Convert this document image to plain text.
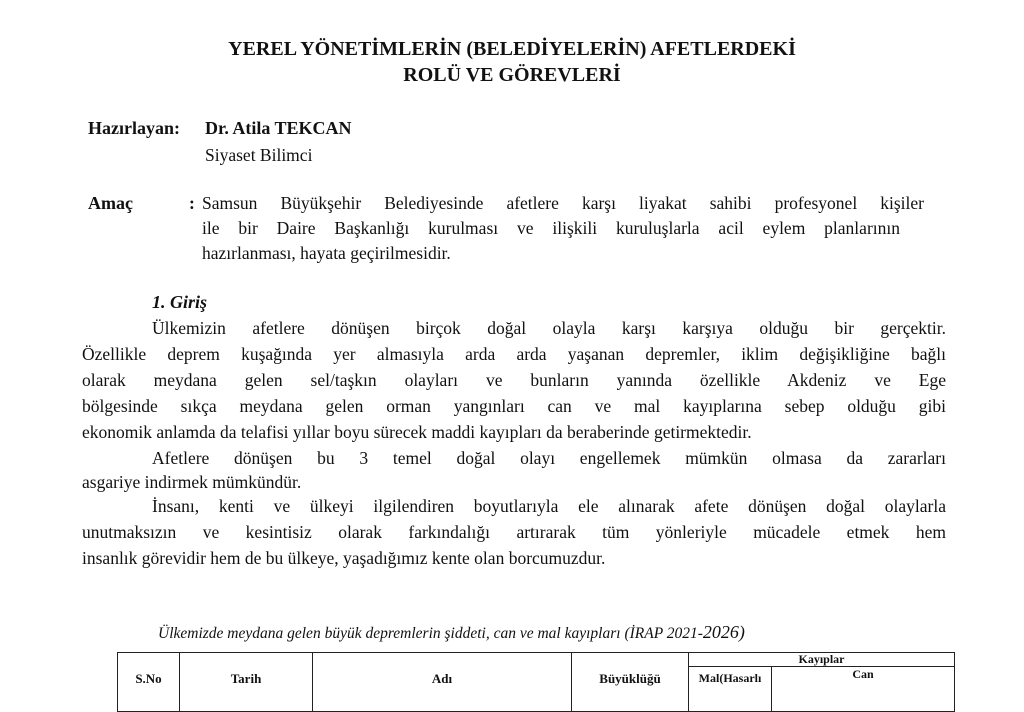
YEREL YÖNETİMLERİN (BELEDİYELERİN) AFETLERDEKİ
ROLÜ VE GÖREVLERİ
Hazırlayan: Dr. Atila TEKCAN
Siyaset Bilimci
Amaç	: Samsun Büyükşehir Belediyesinde afetlere karşı liyakat sahibi profesyonel kişiler
ile bir Daire Başkanlığı kurulması ve ilişkili kuruluşlarla acil eylem planlarının
hazırlanması, hayata geçirilmesidir.
1. Giriş
Ülkemizin afetlere dönüşen birçok doğal olayla karşı karşıya olduğu bir gerçektir.
Özellikle deprem kuşağında yer almasıyla arda arda yaşanan depremler, iklim değişikliğine bağlı
olarak meydana gelen sel/taşkın olayları ve bunların yanında özellikle Akdeniz ve Ege
bölgesinde sıkça meydana gelen orman yangınları can ve mal kayıplarına sebep olduğu gibi
ekonomik anlamda da telafisi yıllar boyu sürecek maddi kayıpları da beraberinde getirmektedir.
Afetlere dönüşen bu 3 temel doğal olayı engellemek mümkün olmasa da zararları
asgariye indirmek mümkündür.
İnsanı, kenti ve ülkeyi ilgilendiren boyutlarıyla ele alınarak afete dönüşen doğal olaylarla
unutmaksızın ve kesintisiz olarak farkındalığı artırarak tüm yönleriyle mücadele etmek hem
insanlık görevidir hem de bu ülkeye, yaşadığımız kente olan borcumuzdur.
Ülkemizde meydana gelen büyük depremlerin şiddeti, can ve mal kayıpları (İRAP 2021-2026)
S.No	Tarih	Adı	Büyüklüğü	Kayıplar	
				Mal(Hasarlı	Can
